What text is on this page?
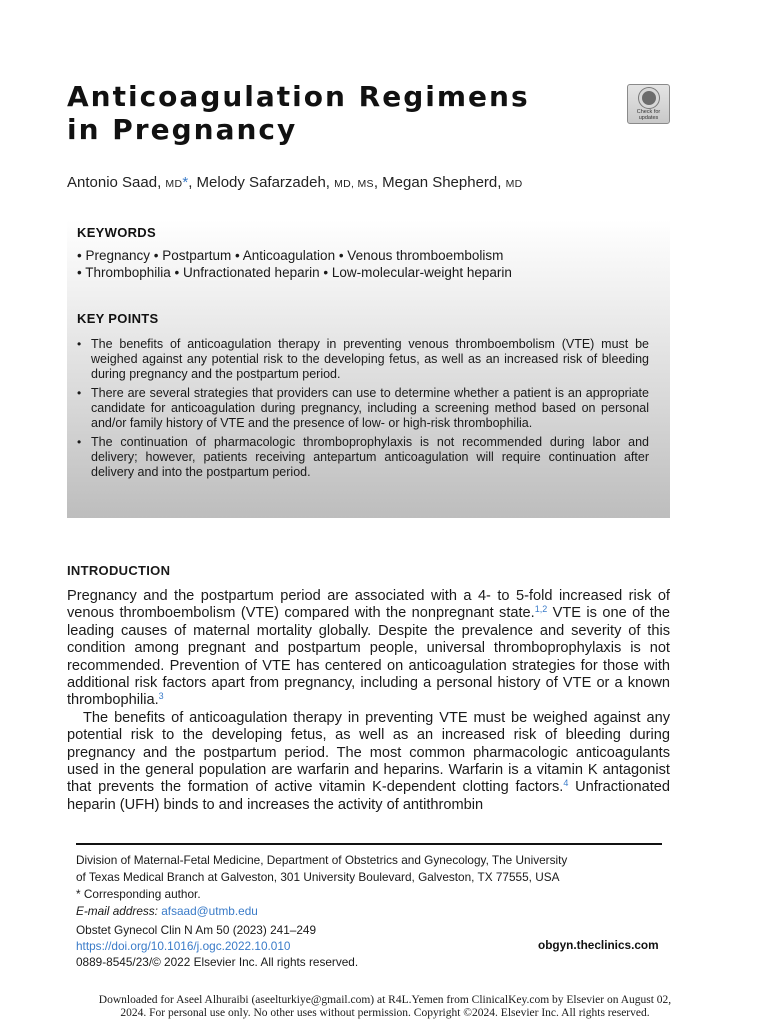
Anticoagulation Regimens
in Pregnancy
Check for
updates
Antonio Saad, MD*, Melody Safarzadeh, MD, MS, Megan Shepherd, MD
KEYWORDS
• Pregnancy • Postpartum • Anticoagulation • Venous thromboembolism
• Thrombophilia • Unfractionated heparin • Low-molecular-weight heparin
KEY POINTS
• The benefits of anticoagulation therapy in preventing venous thromboembolism (VTE) must be weighed against any potential risk to the developing fetus, as well as an increased risk of bleeding during pregnancy and the postpartum period.
• There are several strategies that providers can use to determine whether a patient is an appropriate candidate for anticoagulation during pregnancy, including a screening method based on personal and/or family history of VTE and the presence of low- or high-risk thrombophilia.
• The continuation of pharmacologic thromboprophylaxis is not recommended during labor and delivery; however, patients receiving antepartum anticoagulation will require continuation after delivery and into the postpartum period.
INTRODUCTION

Pregnancy and the postpartum period are associated with a 4- to 5-fold increased risk of venous thromboembolism (VTE) compared with the nonpregnant state.$^{1,2}$ VTE is one of the leading causes of maternal mortality globally. Despite the prevalence and severity of this condition among pregnant and postpartum people, universal thromboprophylaxis is not recommended. Prevention of VTE has centered on anticoagulation strategies for those with additional risk factors apart from pregnancy, including a personal history of VTE or a known thrombophilia.$^3$

The benefits of anticoagulation therapy in preventing VTE must be weighed against any potential risk to the developing fetus, as well as an increased risk of bleeding during pregnancy and the postpartum period. The most common pharmacologic anticoagulants used in the general population are warfarin and heparins. Warfarin is a vitamin K antagonist that prevents the formation of active vitamin K-dependent clotting factors.$^4$ Unfractionated heparin (UFH) binds to and increases the activity of antithrombin

Division of Maternal-Fetal Medicine, Department of Obstetrics and Gynecology, The University
of Texas Medical Branch at Galveston, 301 University Boulevard, Galveston, TX 77555, USA
* Corresponding author.
E-mail address: afsaad@utmb.edu
Obstet Gynecol Clin N Am 50 (2023) 241–249
https://doi.org/10.1016/j.ogc.2022.10.010
0889-8545/23/© 2022 Elsevier Inc. All rights reserved.
obgyn.theclinics.com
Downloaded for Aseel Alhuraibi (aseelturkiye@gmail.com) at R4L.Yemen from ClinicalKey.com by Elsevier on August 02,
2024. For personal use only. No other uses without permission. Copyright ©2024. Elsevier Inc. All rights reserved.
